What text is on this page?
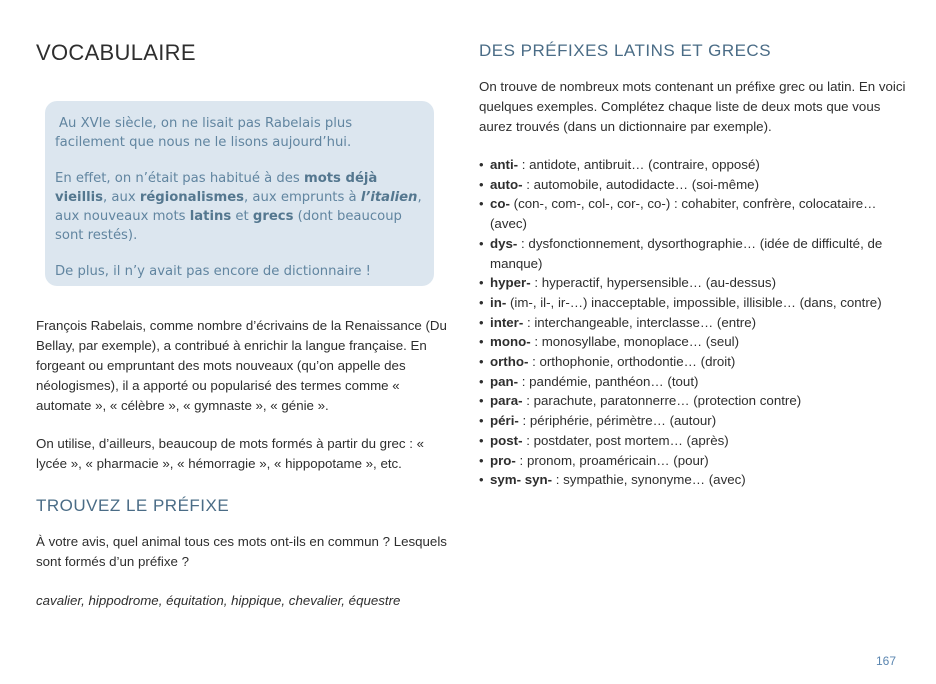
VOCABULAIRE

Au XVIe siècle, on ne lisait pas Rabelais plus facilement que nous ne le lisons aujourd’hui.

En effet, on n’était pas habitué à des mots déjà vieillis, aux régionalismes, aux emprunts à l’italien, aux nouveaux mots latins et grecs (dont beaucoup sont restés).

De plus, il n’y avait pas encore de dictionnaire !

François Rabelais, comme nombre d’écrivains de la Renaissance (Du Bellay, par exemple), a contribué à enrichir la langue française. En forgeant ou empruntant des mots nouveaux (qu’on appelle des néologismes), il a apporté ou popularisé des termes comme « automate », « célèbre », « gymnaste », « génie ».

On utilise, d’ailleurs, beaucoup de mots formés à partir du grec : « lycée », « pharmacie », « hémorragie », « hippopotame », etc.

TROUVEZ LE PRÉFIXE

À votre avis, quel animal tous ces mots ont-ils en commun ? Lesquels sont formés d’un préfixe ?

cavalier, hippodrome, équitation, hippique, chevalier, équestre

DES PRÉFIXES LATINS ET GRECS

On trouve de nombreux mots contenant un préfixe grec ou latin. En voici quelques exemples. Complétez chaque liste de deux mots que vous aurez trouvés (dans un dictionnaire par exemple).

• anti- : antidote, antibruit… (contraire, opposé)
• auto- : automobile, autodidacte… (soi-même)
• co- (con-, com-, col-, cor-, co-) : cohabiter, confrère, colocataire… (avec)
• dys- : dysfonctionnement, dysorthographie… (idée de difficulté, de manque)
• hyper- : hyperactif, hypersensible… (au-dessus)
• in- (im-, il-, ir-…) inacceptable, impossible, illisible… (dans, contre)
• inter- : interchangeable, interclasse… (entre)
• mono- : monosyllabe, monoplace… (seul)
• ortho- : orthophonie, orthodontie… (droit)
• pan- : pandémie, panthéon… (tout)
• para- : parachute, paratonnerre… (protection contre)
• péri- : périphérie, périmètre… (autour)
• post- : postdater, post mortem… (après)
• pro- : pronom, proaméricain… (pour)
• sym- syn- : sympathie, synonyme… (avec)
167
